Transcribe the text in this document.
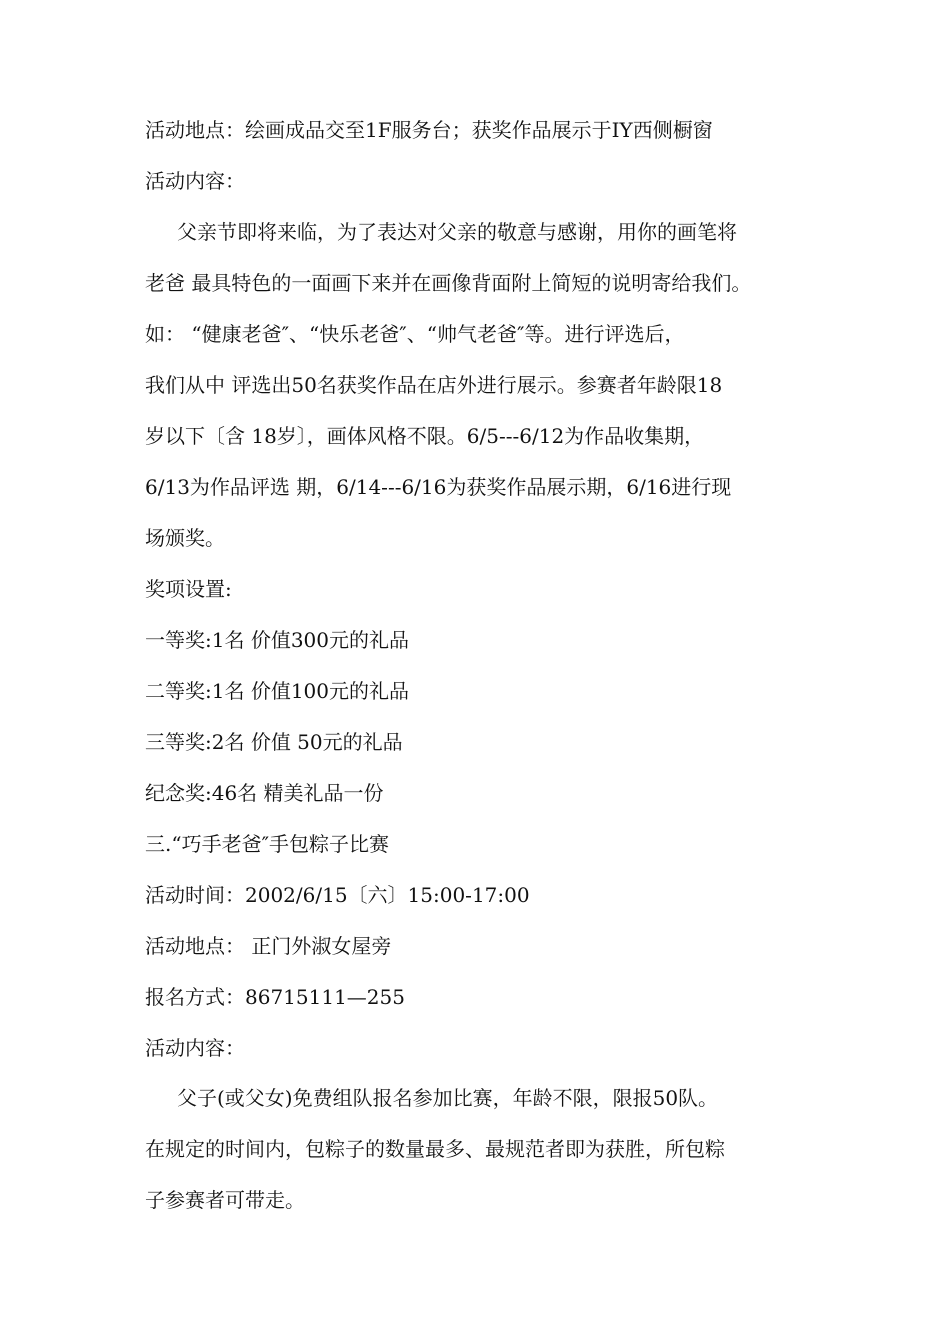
活动地点：绘画成品交至1F服务台；获奖作品展示于IY西侧橱窗
活动内容：
父亲节即将来临，为了表达对父亲的敬意与感谢，用你的画笔将
老爸 最具特色的一面画下来并在画像背面附上简短的说明寄给我们。
如： “健康老爸″、“快乐老爸″、“帅气老爸″等。进行评选后，
我们从中 评选出50名获奖作品在店外进行展示。参赛者年龄限18
岁以下〔含 18岁〕，画体风格不限。6/5---6/12为作品收集期，
6/13为作品评选 期，6/14---6/16为获奖作品展示期，6/16进行现
场颁奖。
奖项设置:
一等奖:1名 价值300元的礼品
二等奖:1名 价值100元的礼品
三等奖:2名 价值 50元的礼品
纪念奖:46名 精美礼品一份
三.“巧手老爸″手包粽子比赛
活动时间：2002/6/15〔六〕15:00-17:00
活动地点： 正门外淑女屋旁
报名方式：86715111—255
活动内容：
父子(或父女)免费组队报名参加比赛，年龄不限，限报50队。
在规定的时间内，包粽子的数量最多、最规范者即为获胜，所包粽
子参赛者可带走。
